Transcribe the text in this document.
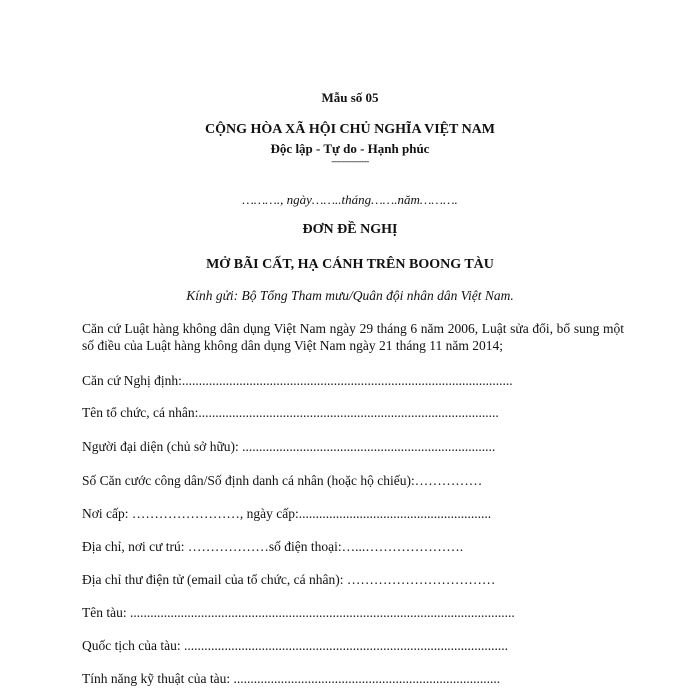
Mẫu số 05
CỘNG HÒA XÃ HỘI CHỦ NGHĨA VIỆT NAM
Độc lập - Tự do - Hạnh phúc
---------------
………., ngày……..tháng…….năm……….
ĐƠN ĐỀ NGHỊ
MỞ BÃI CẤT, HẠ CÁNH TRÊN BOONG TÀU
Kính gửi: Bộ Tổng Tham mưu/Quân đội nhân dân Việt Nam.
Căn cứ Luật hàng không dân dụng Việt Nam ngày 29 tháng 6 năm 2006, Luật sửa đổi, bổ sung một số điều của Luật hàng không dân dụng Việt Nam ngày 21 tháng 11 năm 2014;
Căn cứ Nghị định:..................................................................................................
Tên tổ chức, cá nhân:.........................................................................................
Người đại diện (chủ sở hữu): ...........................................................................
Số Căn cước công dân/Số định danh cá nhân (hoặc hộ chiếu):……………
Nơi cấp: ……………………, ngày cấp:.........................................................
Địa chỉ, nơi cư trú: ………………số điện thoại:…...………………….
Địa chỉ thư điện tử (email của tổ chức, cá nhân): ……………………………
Tên tàu: ..................................................................................................................
Quốc tịch của tàu: ................................................................................................
Tính năng kỹ thuật của tàu: ...............................................................................
